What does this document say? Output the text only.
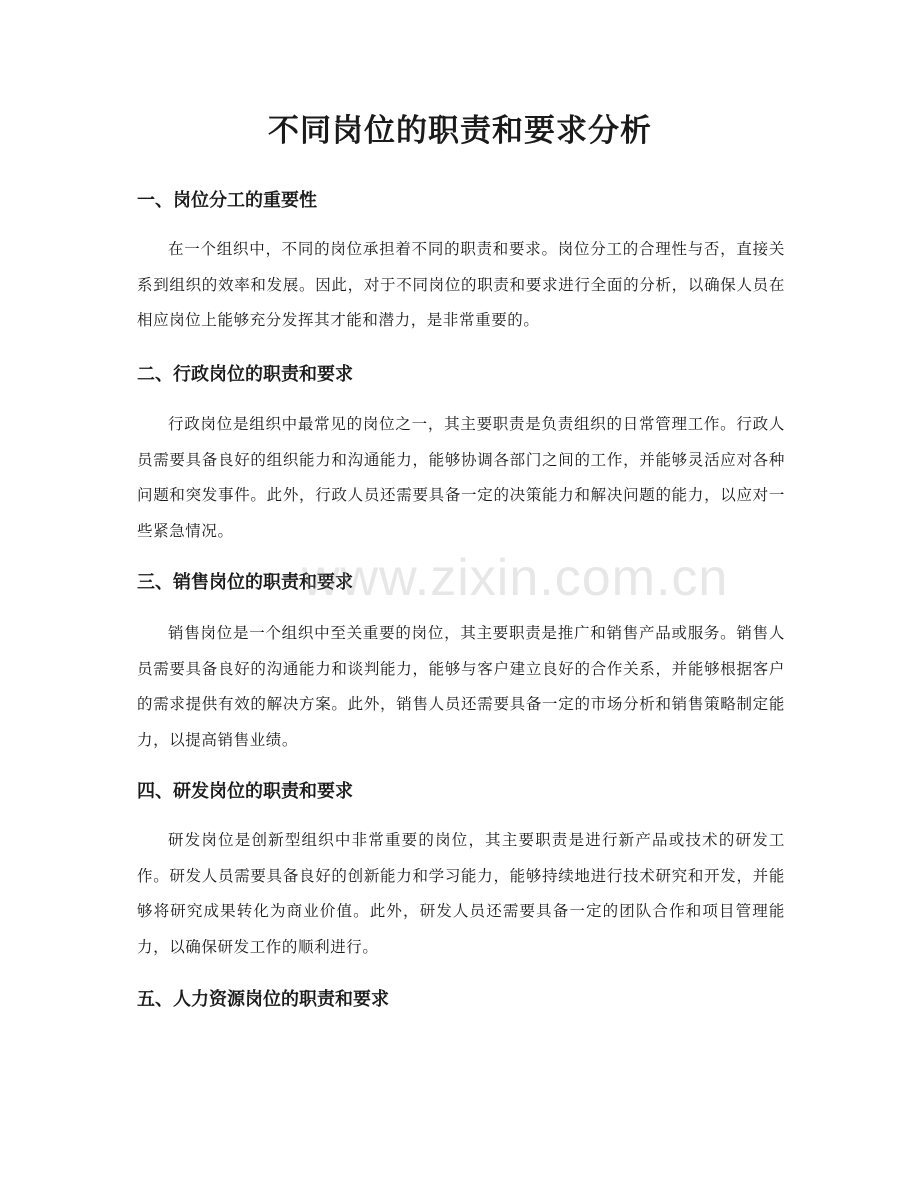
不同岗位的职责和要求分析
一、岗位分工的重要性

在一个组织中，不同的岗位承担着不同的职责和要求。岗位分工的合理性与否，直接关系到组织的效率和发展。因此，对于不同岗位的职责和要求进行全面的分析，以确保人员在相应岗位上能够充分发挥其才能和潜力，是非常重要的。

二、行政岗位的职责和要求

行政岗位是组织中最常见的岗位之一，其主要职责是负责组织的日常管理工作。行政人员需要具备良好的组织能力和沟通能力，能够协调各部门之间的工作，并能够灵活应对各种问题和突发事件。此外，行政人员还需要具备一定的决策能力和解决问题的能力，以应对一些紧急情况。

三、销售岗位的职责和要求

销售岗位是一个组织中至关重要的岗位，其主要职责是推广和销售产品或服务。销售人员需要具备良好的沟通能力和谈判能力，能够与客户建立良好的合作关系，并能够根据客户的需求提供有效的解决方案。此外，销售人员还需要具备一定的市场分析和销售策略制定能力，以提高销售业绩。

四、研发岗位的职责和要求

研发岗位是创新型组织中非常重要的岗位，其主要职责是进行新产品或技术的研发工作。研发人员需要具备良好的创新能力和学习能力，能够持续地进行技术研究和开发，并能够将研究成果转化为商业价值。此外，研发人员还需要具备一定的团队合作和项目管理能力，以确保研发工作的顺利进行。

五、人力资源岗位的职责和要求
www.zixin.com.cn
